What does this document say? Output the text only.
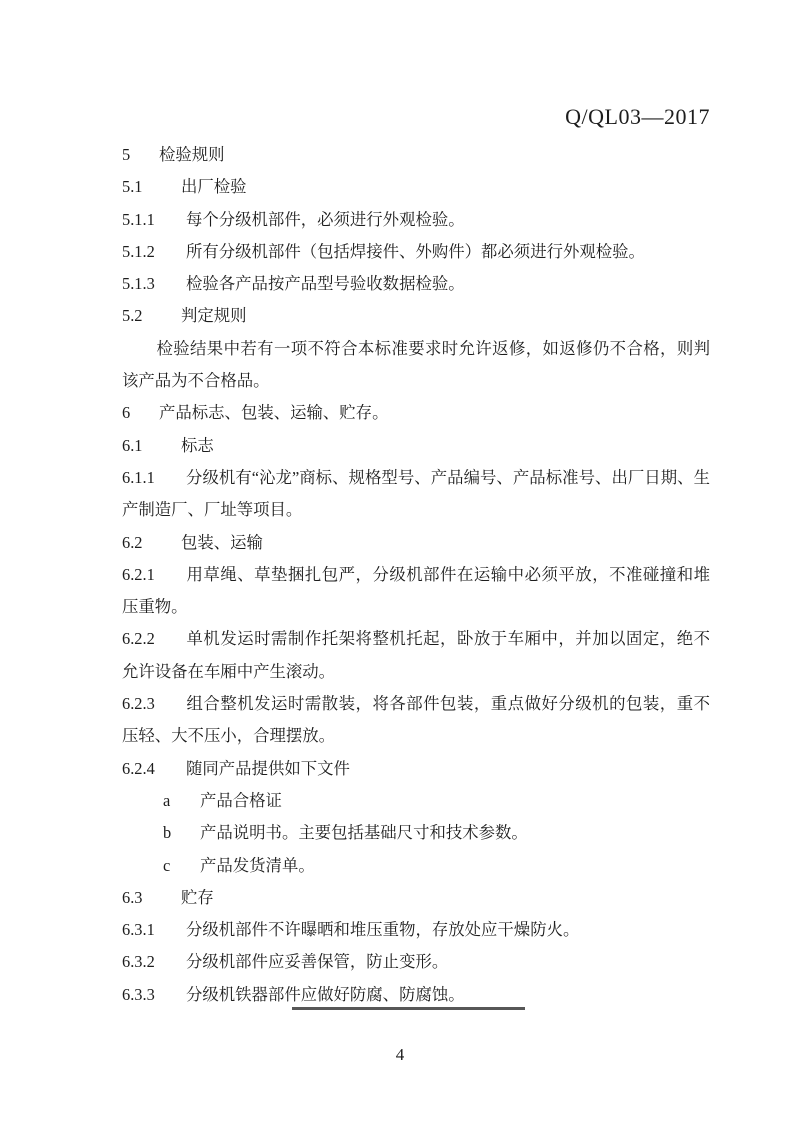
Q/QL03—2017
5 检验规则
5.1 出厂检验
5.1.1 每个分级机部件，必须进行外观检验。
5.1.2 所有分级机部件（包括焊接件、外购件）都必须进行外观检验。
5.1.3 检验各产品按产品型号验收数据检验。
5.2 判定规则
检验结果中若有一项不符合本标准要求时允许返修，如返修仍不合格，则判该产品为不合格品。
6 产品标志、包装、运输、贮存。
6.1 标志
6.1.1 分级机有“沁龙”商标、规格型号、产品编号、产品标准号、出厂日期、生产制造厂、厂址等项目。
6.2 包装、运输
6.2.1 用草绳、草垫捆扎包严，分级机部件在运输中必须平放，不准碰撞和堆压重物。
6.2.2 单机发运时需制作托架将整机托起，卧放于车厢中，并加以固定，绝不允许设备在车厢中产生滚动。
6.2.3 组合整机发运时需散装，将各部件包装，重点做好分级机的包装，重不压轻、大不压小，合理摆放。
6.2.4 随同产品提供如下文件
a 产品合格证
b 产品说明书。主要包括基础尺寸和技术参数。
c 产品发货清单。
6.3 贮存
6.3.1 分级机部件不许曝晒和堆压重物，存放处应干燥防火。
6.3.2 分级机部件应妥善保管，防止变形。
6.3.3 分级机铁器部件应做好防腐、防腐蚀。
4
